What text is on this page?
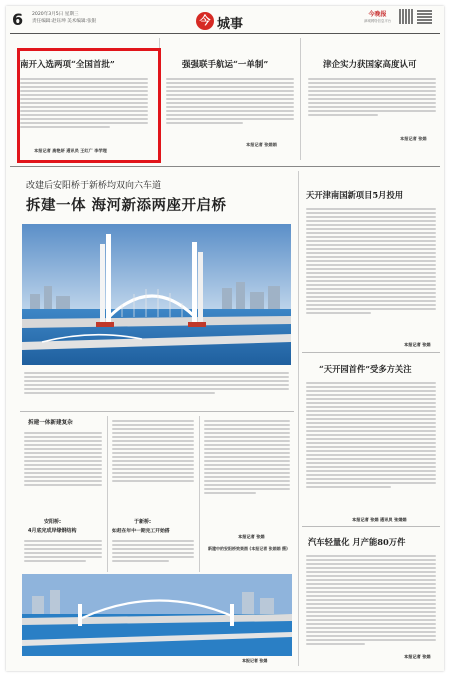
6 2020年3月5日 星期三
责任编辑:赵钰坤 美术编辑:张银	今 城事
今晚报
津城网络信息平台
南开入选两项“全国首批”
本报记者 高艳妍 通讯员 王红广 李学理
强强联手航运“一单制”
本报记者 张娟娟
津企实力获国家高度认可
本报记者 张娟
改建后安阳桥于新桥均双向六车道
拆建一体 海河新添两座开启桥
拆建一体新建复杂
安阳桥:
4月底完成岸缘钢结构
于新桥:
如赶在年中一期完工开始搭
本报记者 张娟
新建中的安阳桥效果图 (本报记者 张娟娟 摄)
天开津南国新项目5月投用
本报记者 张娟
“天开园首件”受多方关注
本报记者 张娟 通讯员 张娟娟
汽车轻量化 月产能80万件
本报记者 张娟
本报记者 张娟
